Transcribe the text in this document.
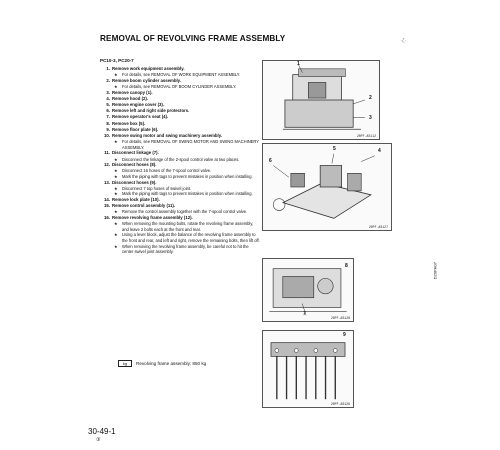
REMOVAL OF REVOLVING FRAME ASSEMBLY
PC10-3, PC20-7
·ζ·
1. Remove work equipment assembly.
★ For details, see REMOVAL OF WORK EQUIPMENT ASSEMBLY.
2. Remove boom cylinder assembly.
★ For details, see REMOVAL OF BOOM CYLINDER ASSEMBLY.
3. Remove canopy (1).
4. Remove hood (2).
5. Remove engine cover (3).
6. Remove left and right side protectors.
7. Remove operator's seat (4).
8. Remove box (5).
9. Remove floor plate (6).
10. Remove swing motor and swing machinery assembly.
★ For details, see REMOVAL OF SWING MOTOR AND SWING MACHINERY ASSEMBLY.
11. Disconnect linkage (7).
★ Disconnect the linkage of the 2-spool control valve at two places.
12. Disconnect hoses (8).
★ Disconnect 16 hoses of the 7-spool control valve.
★ Mark the piping with tags to prevent mistakes in position when installing.
13. Disconnect hoses (9).
★ Disconnect 7 top hoses of swivel joint.
★ Mark the piping with tags to prevent mistakes in position when installing.
14. Remove lock plate (10).
15. Remove control assembly (11).
★ Remove the control assembly together with the 7-spool control valve.
16. Remove revolving frame assembly (12).
★ When removing the mounting bolts, rotate the revolving frame assembly, and leave 2 bolts each at the front and rear.
★ Using a lever block, adjust the balance of the revolving frame assembly to the front and rear, and left and right, remove the remaining bolts, then lift off.
★ When removing the revolving frame assembly, be careful not to hit the center swivel joint assembly.
kg	Revolving frame assembly: 850 kg
1
2
3
20PF.AS112
4
5
6
20PF.AS127
7
8
20PF.AS128
9
20PF.AS129
D20PH07
30-49-1
③
